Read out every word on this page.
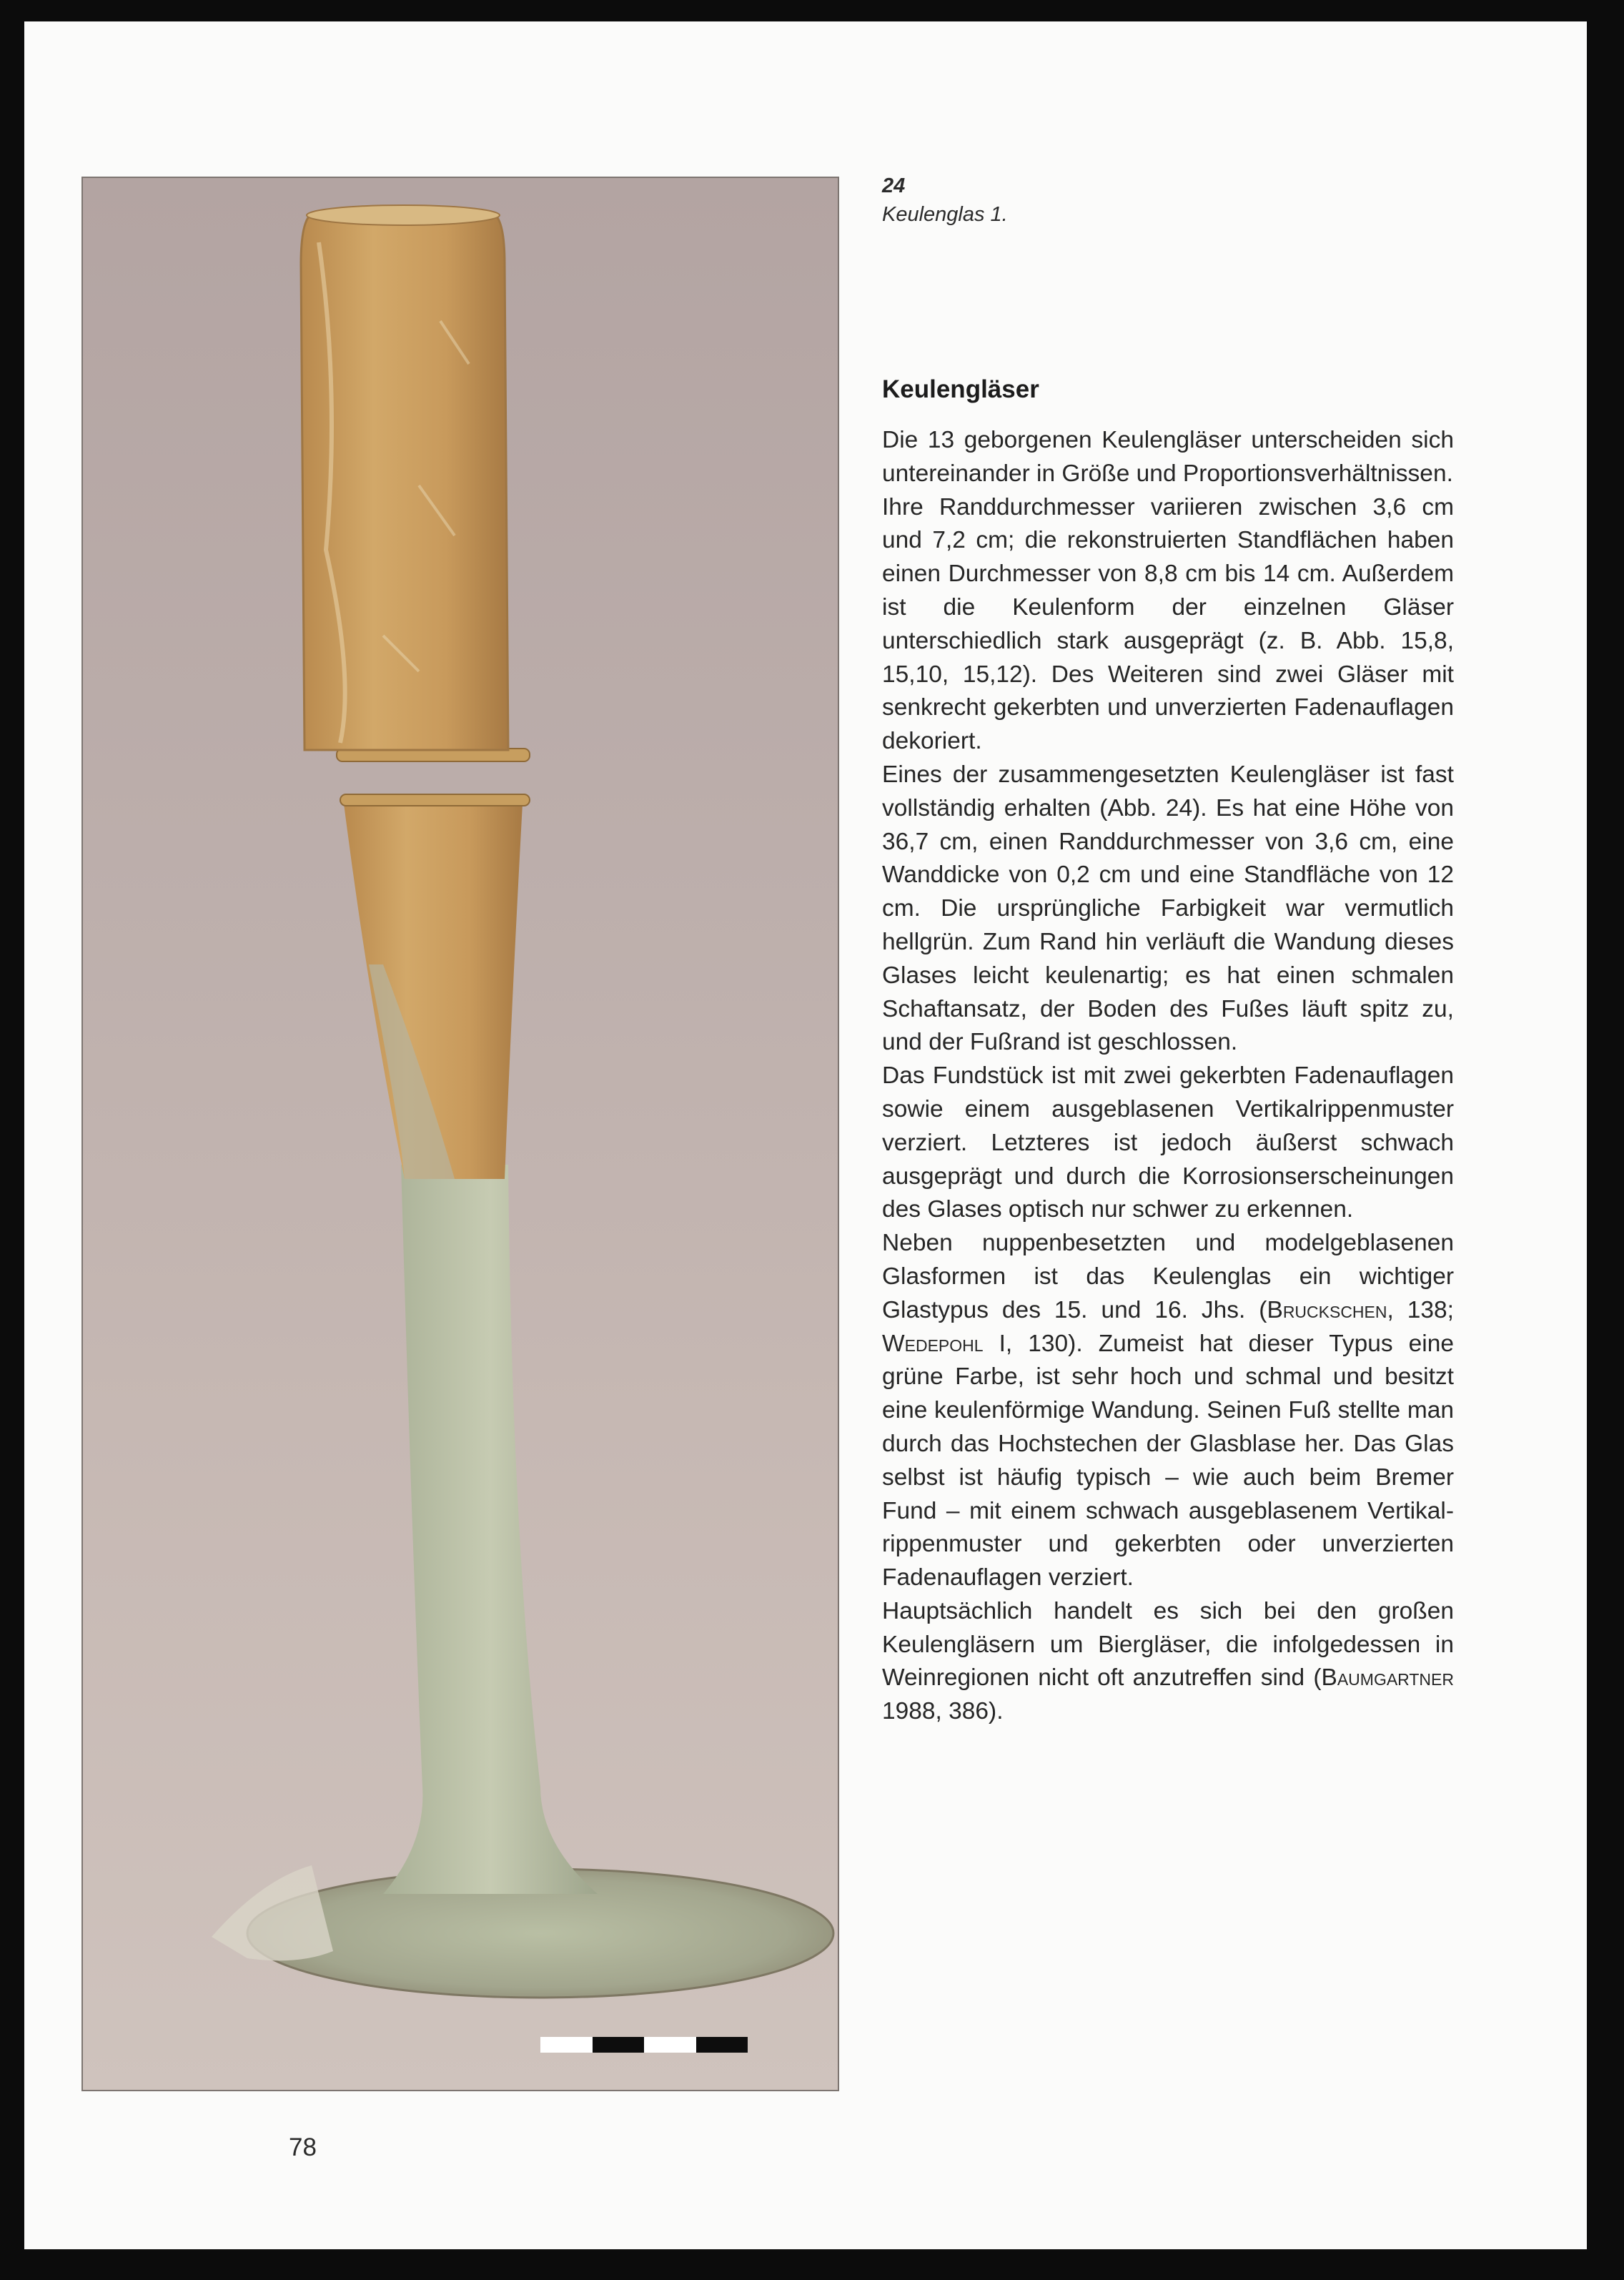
24
Keulenglas 1.
Keulengläser

Die 13 geborgenen Keulengläser unterscheiden sich untereinander in Größe und Proportionsverhältnissen.

Ihre Randdurchmesser variieren zwischen 3,6 cm und 7,2 cm; die rekonstruierten Standflächen haben einen Durchmesser von 8,8 cm bis 14 cm. Außerdem ist die Keulenform der einzelnen Gläser unterschiedlich stark ausgeprägt (z. B. Abb. 15,8, 15,10, 15,12). Des Weiteren sind zwei Gläser mit senkrecht gekerbten und unverzierten Fadenauflagen dekoriert.

Eines der zusammengesetzten Keulengläser ist fast vollständig erhalten (Abb. 24). Es hat eine Höhe von 36,7 cm, einen Randdurchmesser von 3,6 cm, eine Wanddicke von 0,2 cm und eine Standfläche von 12 cm. Die ursprüngliche Farbigkeit war vermutlich hellgrün. Zum Rand hin verläuft die Wandung dieses Glases leicht keulenartig; es hat einen schmalen Schaftansatz, der Boden des Fußes läuft spitz zu, und der Fußrand ist geschlossen.

Das Fundstück ist mit zwei gekerbten Fadenauflagen sowie einem ausgeblasenen Vertikalrippenmuster verziert. Letzteres ist jedoch äußerst schwach ausgeprägt und durch die Korrosionserscheinungen des Glases optisch nur schwer zu erkennen.

Neben nuppenbesetzten und modelgeblasenen Glasformen ist das Keulenglas ein wichtiger Glastypus des 15. und 16. Jhs. (Bruckschen, 138; Wedepohl I, 130). Zumeist hat dieser Typus eine grüne Farbe, ist sehr hoch und schmal und besitzt eine keulenförmige Wandung. Seinen Fuß stellte man durch das Hochstechen der Glasblase her. Das Glas selbst ist häufig typisch – wie auch beim Bremer Fund – mit einem schwach ausgeblasenem Vertikalrippenmuster und gekerbten oder unverzierten Fadenauflagen verziert.

Hauptsächlich handelt es sich bei den großen Keulengläsern um Biergläser, die infolgedessen in Weinregionen nicht oft anzutreffen sind (Baumgartner 1988, 386).

78
